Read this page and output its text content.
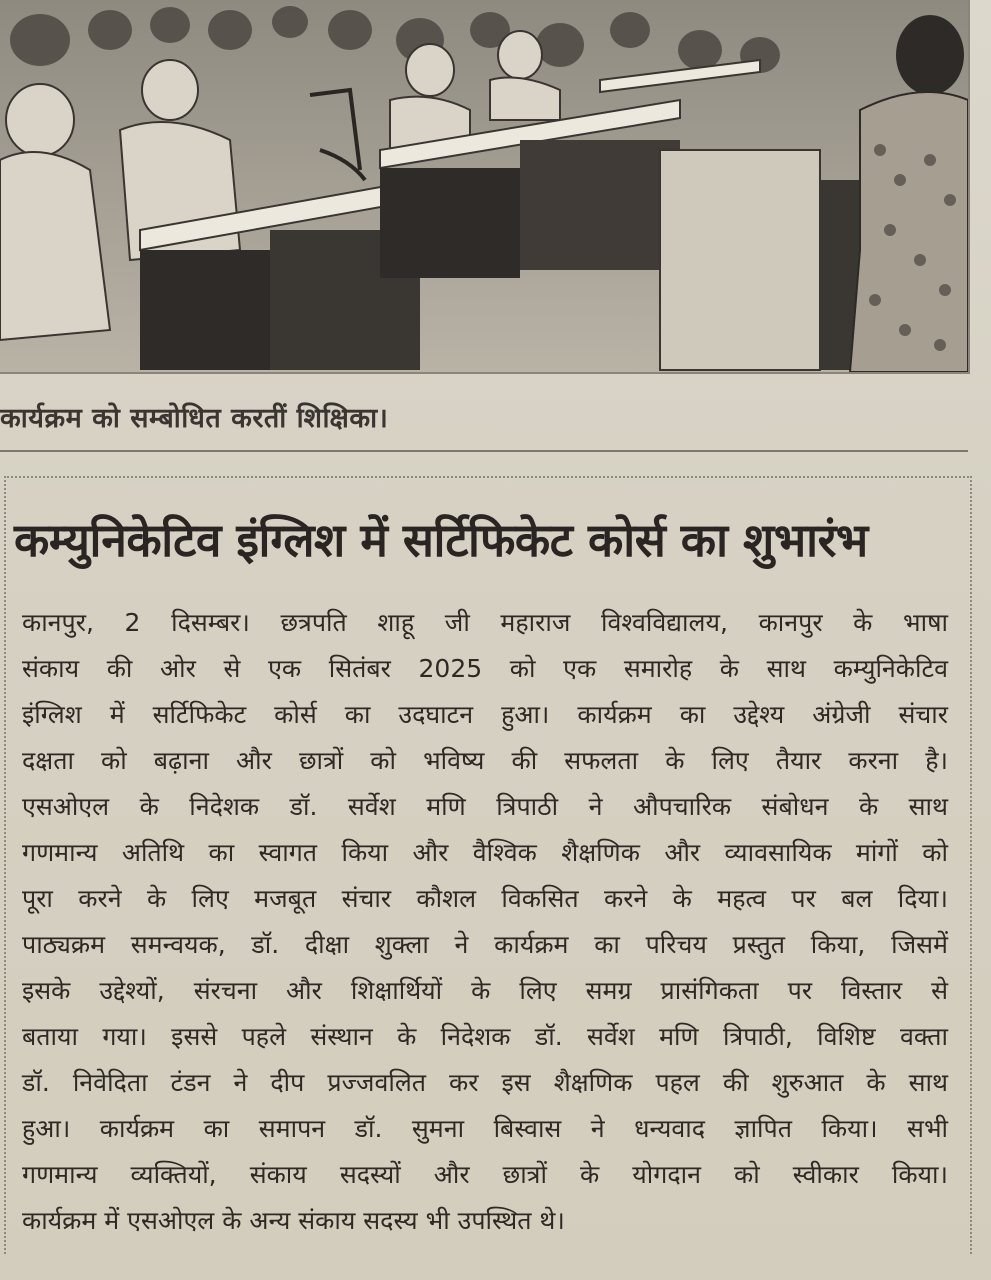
कार्यक्रम को सम्बोधित करतीं शिक्षिका।
कम्युनिकेटिव इंग्लिश में सर्टिफिकेट कोर्स का शुभारंभ
कानपुर, 2 दिसम्बर। छत्रपति शाहू जी महाराज विश्वविद्यालय, कानपुर के भाषा
संकाय की ओर से एक सितंबर 2025 को एक समारोह के साथ कम्युनिकेटिव
इंग्लिश में सर्टिफिकेट कोर्स का उदघाटन हुआ। कार्यक्रम का उद्देश्य अंग्रेजी संचार
दक्षता को बढ़ाना और छात्रों को भविष्य की सफलता के लिए तैयार करना है।
एसओएल के निदेशक डॉ. सर्वेश मणि त्रिपाठी ने औपचारिक संबोधन के साथ
गणमान्य अतिथि का स्वागत किया और वैश्विक शैक्षणिक और व्यावसायिक मांगों को
पूरा करने के लिए मजबूत संचार कौशल विकसित करने के महत्व पर बल दिया।
पाठ्यक्रम समन्वयक, डॉ. दीक्षा शुक्ला ने कार्यक्रम का परिचय प्रस्तुत किया, जिसमें
इसके उद्देश्यों, संरचना और शिक्षार्थियों के लिए समग्र प्रासंगिकता पर विस्तार से
बताया गया। इससे पहले संस्थान के निदेशक डॉ. सर्वेश मणि त्रिपाठी, विशिष्ट वक्ता
डॉ. निवेदिता टंडन ने दीप प्रज्जवलित कर इस शैक्षणिक पहल की शुरुआत के साथ
हुआ। कार्यक्रम का समापन डॉ. सुमना बिस्वास ने धन्यवाद ज्ञापित किया। सभी
गणमान्य व्यक्तियों, संकाय सदस्यों और छात्रों के योगदान को स्वीकार किया।
कार्यक्रम में एसओएल के अन्य संकाय सदस्य भी उपस्थित थे।
